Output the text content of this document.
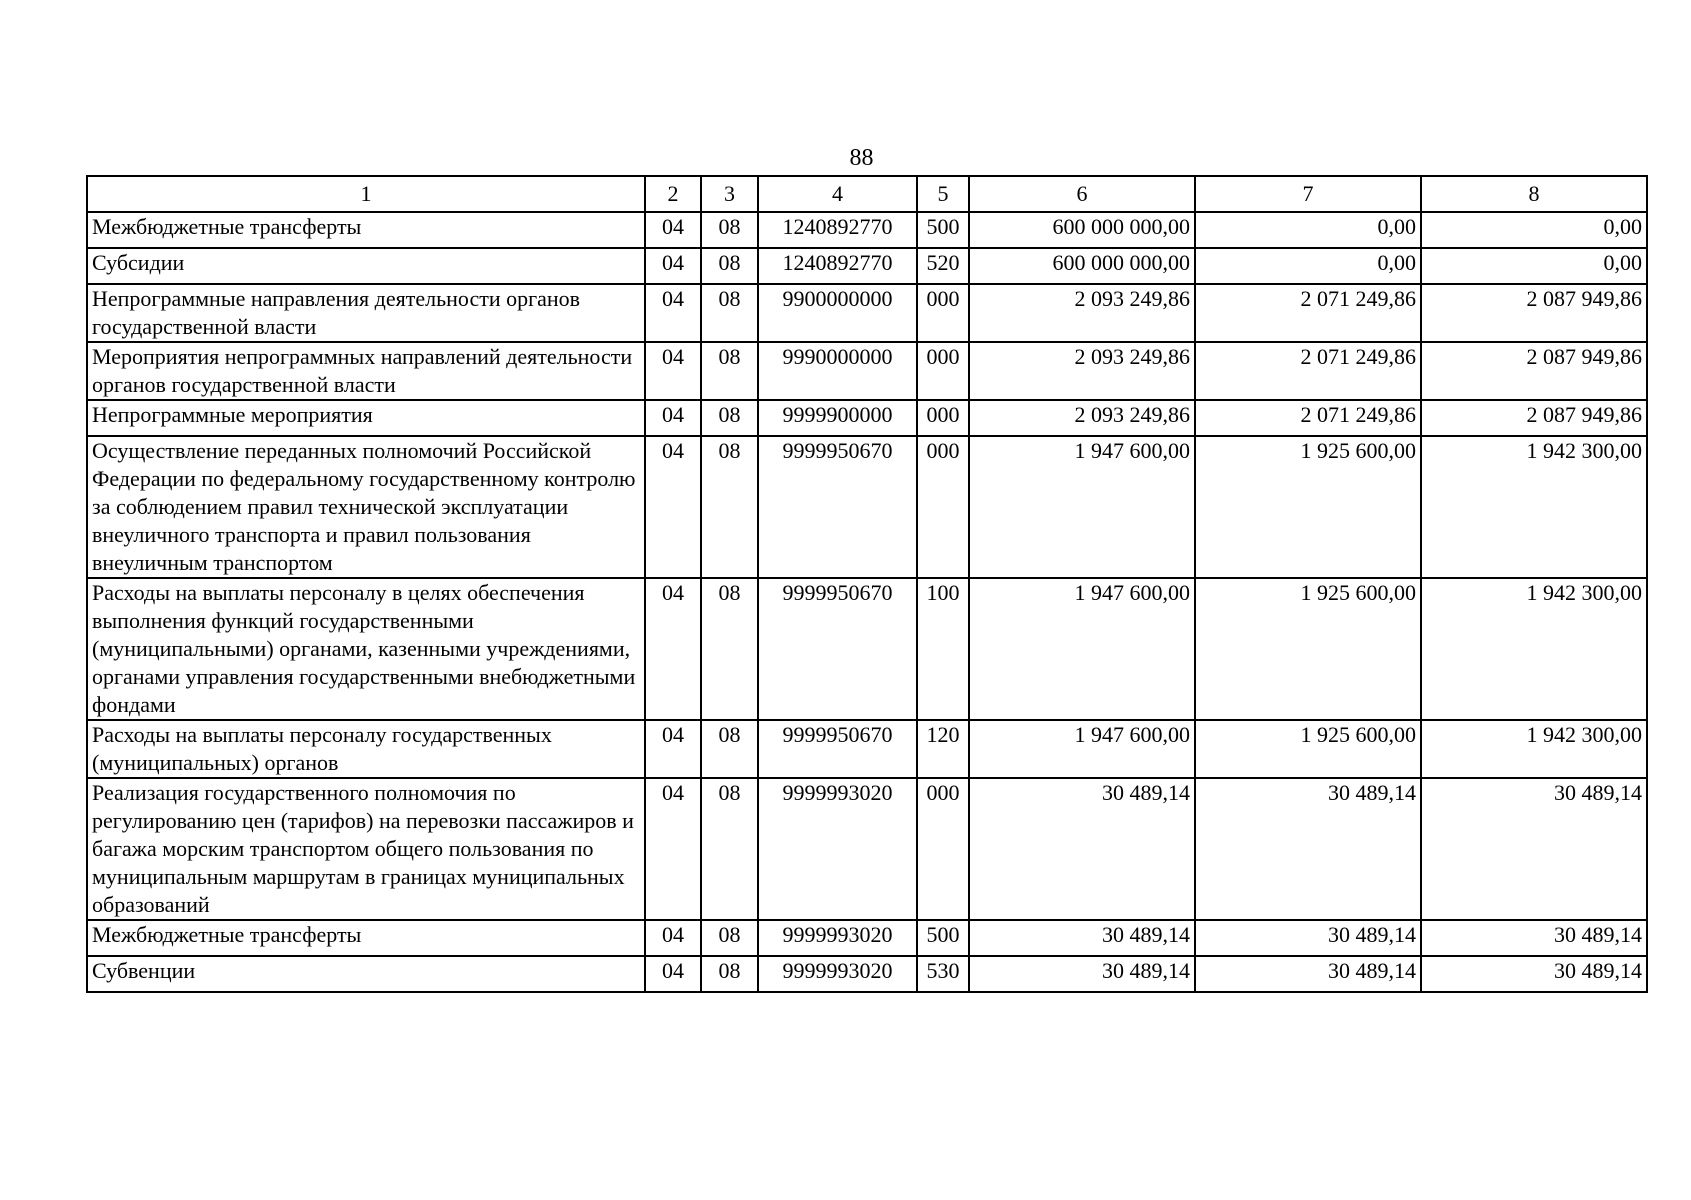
88
1	2	3	4	5	6	7	8
Межбюджетные трансферты	04	08	1240892770	500	600 000 000,00	0,00	0,00
Субсидии	04	08	1240892770	520	600 000 000,00	0,00	0,00
Непрограммные направления деятельности органов государственной власти	04	08	9900000000	000	2 093 249,86	2 071 249,86	2 087 949,86
Мероприятия непрограммных направлений деятельности органов государственной власти	04	08	9990000000	000	2 093 249,86	2 071 249,86	2 087 949,86
Непрограммные мероприятия	04	08	9999900000	000	2 093 249,86	2 071 249,86	2 087 949,86
Осуществление переданных полномочий Российской Федерации по федеральному государственному контролю за соблюдением правил технической эксплуатации внеуличного транспорта и правил пользования внеуличным транспортом	04	08	9999950670	000	1 947 600,00	1 925 600,00	1 942 300,00
Расходы на выплаты персоналу в целях обеспечения выполнения функций государственными (муниципальными) органами, казенными учреждениями, органами управления государственными внебюджетными фондами	04	08	9999950670	100	1 947 600,00	1 925 600,00	1 942 300,00
Расходы на выплаты персоналу государственных (муниципальных) органов	04	08	9999950670	120	1 947 600,00	1 925 600,00	1 942 300,00
Реализация государственного полномочия по регулированию цен (тарифов) на перевозки пассажиров и багажа морским транспортом общего пользования по муниципальным маршрутам в границах муниципальных образований	04	08	9999993020	000	30 489,14	30 489,14	30 489,14
Межбюджетные трансферты	04	08	9999993020	500	30 489,14	30 489,14	30 489,14
Субвенции	04	08	9999993020	530	30 489,14	30 489,14	30 489,14
